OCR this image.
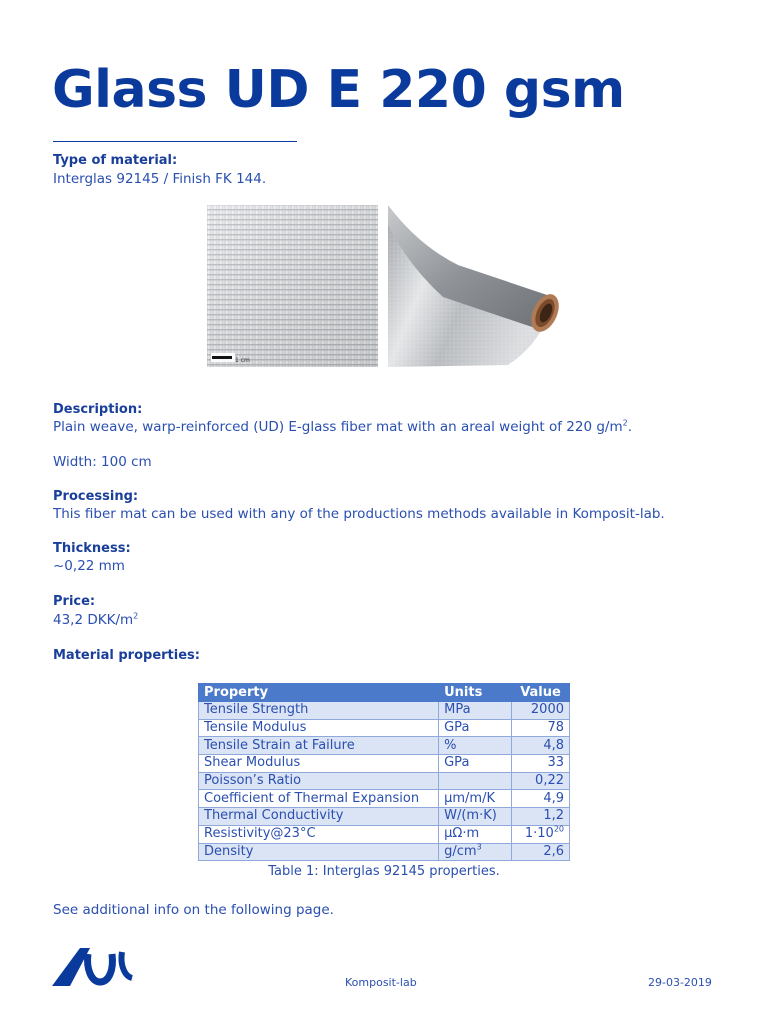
Glass UD E 220 gsm
Type of material:
Interglas 92145 / Finish FK 144.
1 cm
Description:
Plain weave, warp-reinforced (UD) E-glass fiber mat with an areal weight of 220 $g/m^2$.
Width: 100 cm
Processing:
This fiber mat can be used with any of the productions methods available in Komposit-lab.
Thickness:
~0,22 mm
Price:
43,2 DKK/$m^2$
Material properties:
Property	Units	Value
Tensile Strength	MPa	2000
Tensile Modulus	GPa	78
Tensile Strain at Failure	%	4,8
Shear Modulus	GPa	33
Poisson’s Ratio		0,22
Coefficient of Thermal Expansion	μm/m/K	4,9
Thermal Conductivity	W/(m·K)	1,2
Resistivity@23°C	μΩ·m	$1\cdot 10^{20}$
Density	$g/cm^3$	2,6
Table 1: Interglas 92145 properties.
See additional info on the following page.
Komposit-lab	29-03-2019
